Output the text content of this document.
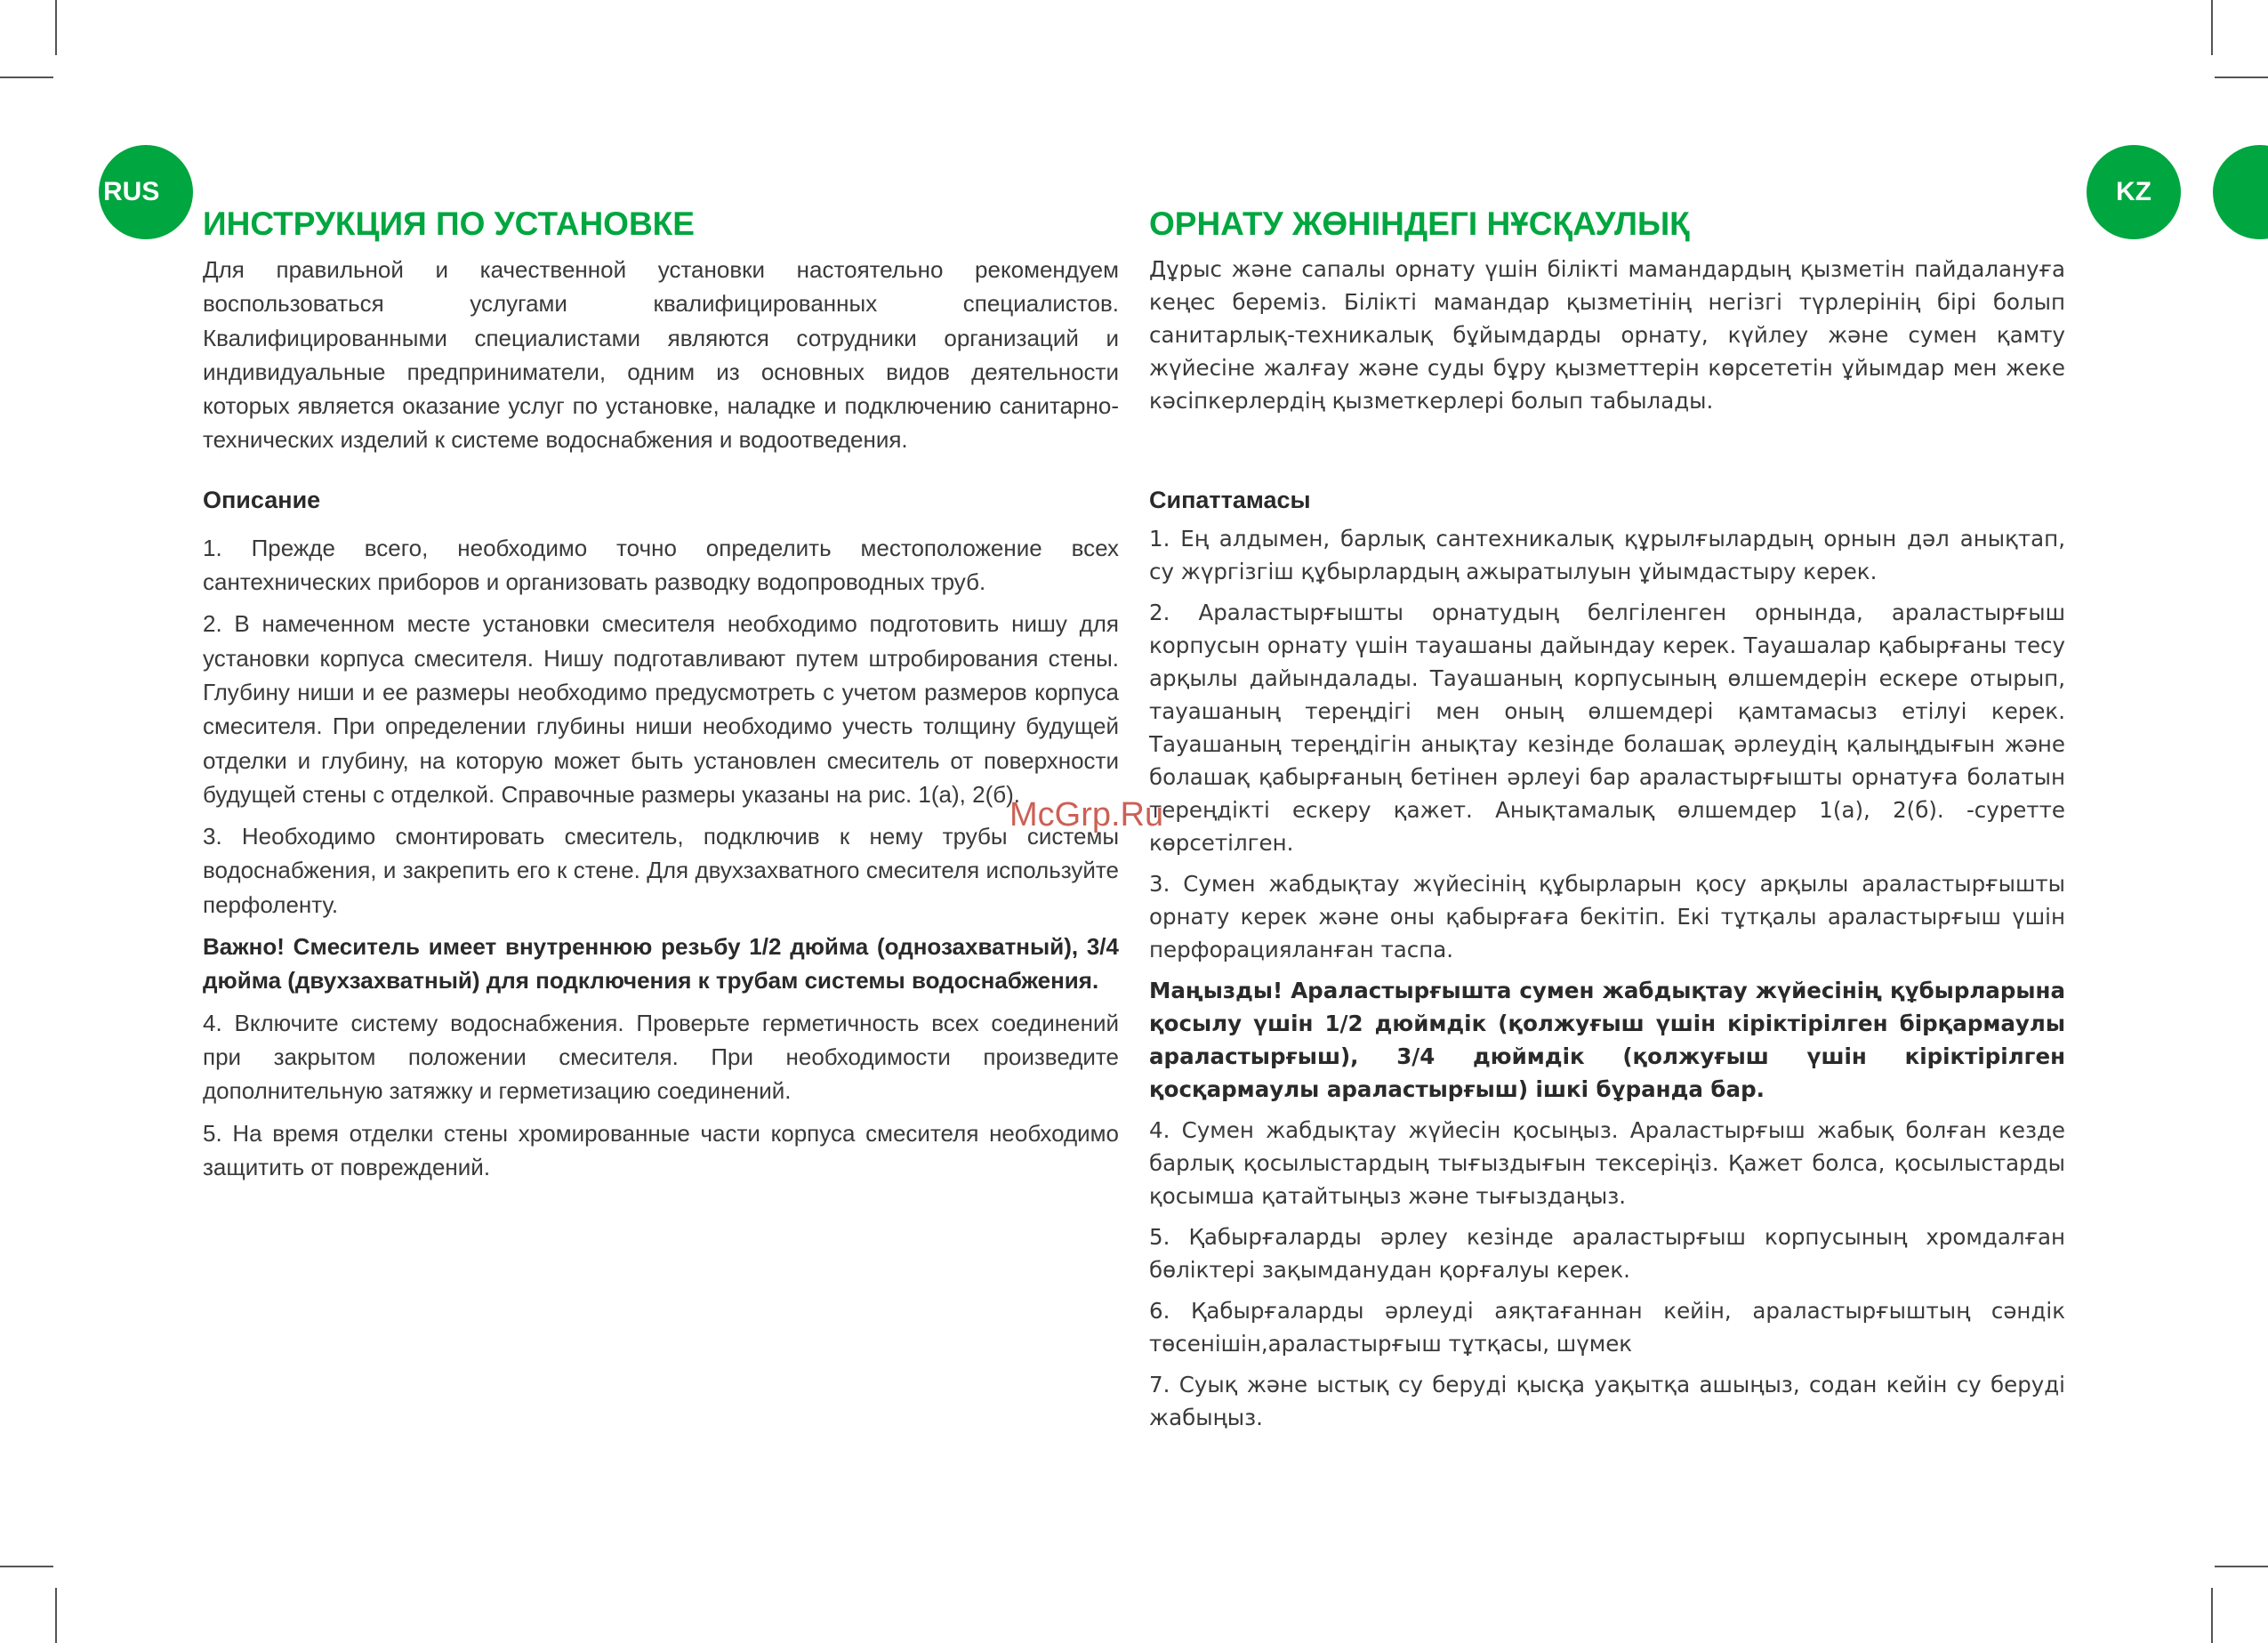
RUS	KZ
ИНСТРУКЦИЯ ПО УСТАНОВКЕ

Для правильной и качественной установки настоятельно рекомендуем воспользоваться услугами квалифицированных специалистов. Квалифицированными специалистами являются сотрудники организаций и индивидуальные предприниматели, одним из основных видов деятельности которых является оказание услуг по установке, наладке и подключению санитарно-технических изделий к системе водоснабжения и водоотведения.

Описание

1. Прежде всего, необходимо точно определить местоположение всех сантехнических приборов и организовать разводку водопроводных труб.

2. В намеченном месте установки смесителя необходимо подготовить нишу для установки корпуса смесителя. Нишу подготавливают путем штробирования стены. Глубину ниши и ее размеры необходимо предусмотреть с учетом размеров корпуса смесителя. При определении глубины ниши необходимо учесть толщину будущей отделки и глубину, на которую может быть установлен смеситель от поверхности будущей стены с отделкой. Справочные размеры указаны на рис. 1(а), 2(б).

3. Необходимо смонтировать смеситель, подключив к нему трубы системы водоснабжения, и закрепить его к стене. Для двухзахватного смесителя используйте перфоленту.

Важно! Смеситель имеет внутреннюю резьбу 1/2 дюйма (однозахватный), 3/4 дюйма (двухзахватный) для подключения к трубам системы водоснабжения.

4. Включите систему водоснабжения. Проверьте герметичность всех соединений при закрытом положении смесителя. При необходимости произведите дополнительную затяжку и герметизацию соединений.

5. На время отделки стены хромированные части корпуса смесителя необходимо защитить от повреждений.

ОРНАТУ ЖӨНІНДЕГІ НҰСҚАУЛЫҚ

Дұрыс және сапалы орнату үшін білікті мамандардың қызметін пайдалануға кеңес береміз. Білікті мамандар қызметінің негізгі түрлерінің бірі болып санитарлық-техникалық бұйымдарды орнату, күйлеу және сумен қамту жүйесіне жалғау және суды бұру қызметтерін көрсететін ұйымдар мен жеке кәсіпкерлердің қызметкерлері болып табылады.

Сипаттамасы

1. Ең алдымен, барлық сантехникалық құрылғылардың орнын дәл анықтап, су жүргізгіш құбырлардың ажыратылуын ұйымдастыру керек.

2. Араластырғышты орнатудың белгіленген орнында, араластырғыш корпусын орнату үшін тауашаны дайындау керек. Тауашалар қабырғаны тесу арқылы дайындалады. Тауашаның корпусының өлшемдерін ескере отырып, тауашаның тереңдігі мен оның өлшемдері қамтамасыз етілуі керек. Тауашаның тереңдігін анықтау кезінде болашақ әрлеудің қалыңдығын және болашақ қабырғаның бетінен әрлеуі бар араластырғышты орнатуға болатын тереңдікті ескеру қажет. Анықтамалық өлшемдер 1(а), 2(б). -суретте көрсетілген.

3. Сумен жабдықтау жүйесінің құбырларын қосу арқылы араластырғышты орнату керек және оны қабырғаға бекітіп. Екі тұтқалы араластырғыш үшін перфорацияланған таспа.

Маңызды! Араластырғышта сумен жабдықтау жүйесінің құбырларына қосылу үшін 1/2 дюймдік (қолжуғыш үшін кіріктірілген бірқармаулы араластырғыш), 3/4 дюймдік (қолжуғыш үшін кіріктірілген қосқармаулы араластырғыш) ішкі бұранда бар.

4. Сумен жабдықтау жүйесін қосыңыз. Араластырғыш жабық болған кезде барлық қосылыстардың тығыздығын тексеріңіз. Қажет болса, қосылыстарды қосымша қатайтыңыз және тығыздаңыз.

5. Қабырғаларды әрлеу кезінде араластырғыш корпусының хромдалған бөліктері зақымданудан қорғалуы керек.

6. Қабырғаларды әрлеуді аяқтағаннан кейін, араластырғыштың сәндік төсенішін,араластырғыш тұтқасы, шүмек

7. Суық және ыстық су беруді қысқа уақытқа ашыңыз, содан кейін су беруді жабыңыз.

McGrp.Ru
